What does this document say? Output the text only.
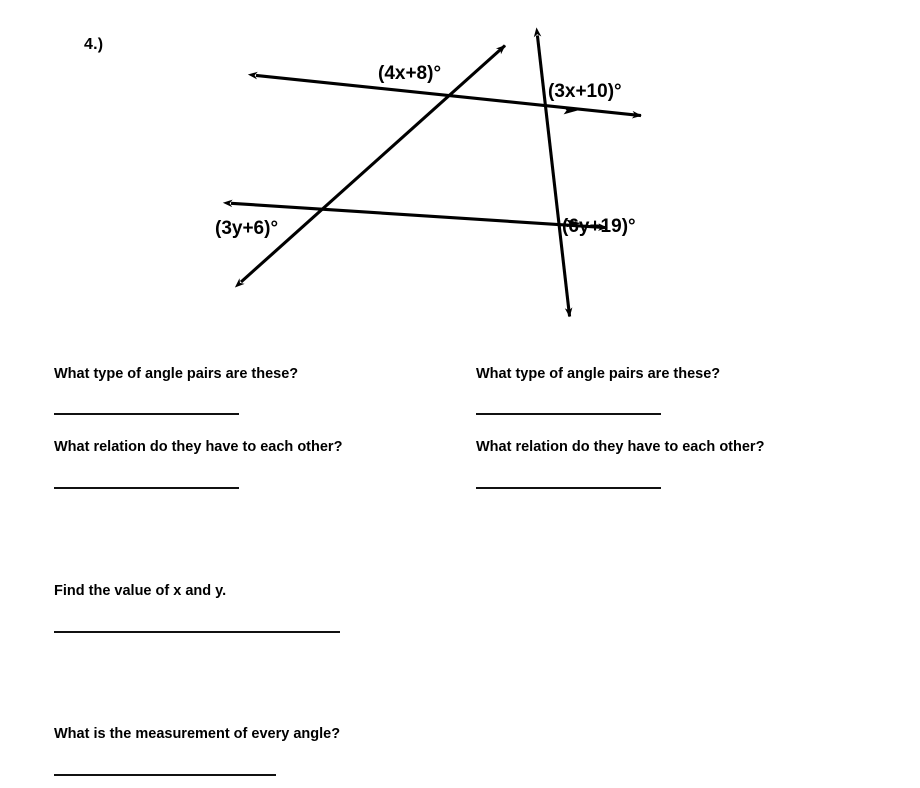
4.)
(4x+8)°
(3x+10)°
(3y+6)°	(6y+19)°
What type of angle pairs are these?
What relation do they have to each other?
What type of angle pairs are these?
What relation do they have to each other?
Find the value of x and y.
What is the measurement of every angle?
